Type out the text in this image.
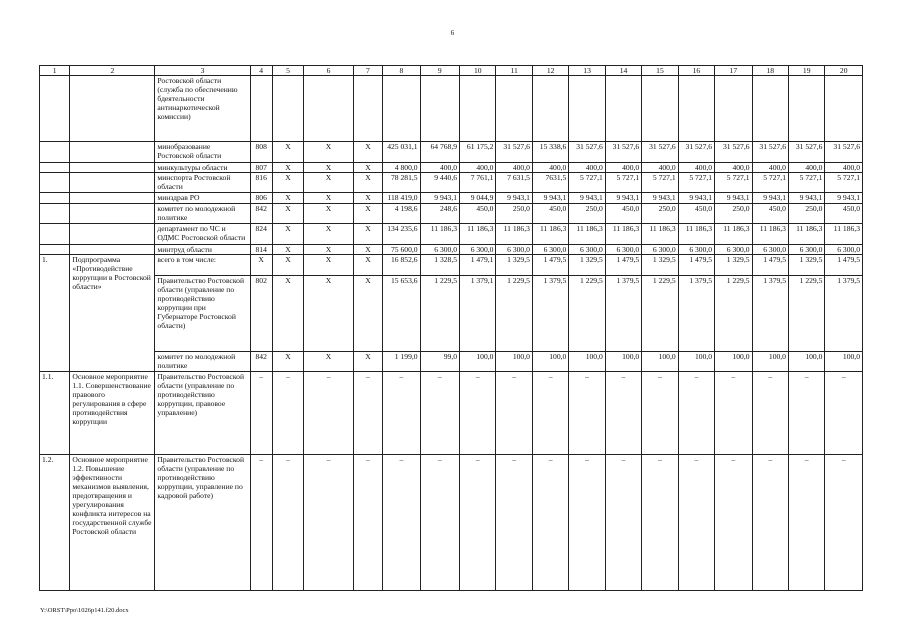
6
1	2	3	4	5	6	7	8	9	10	11	12	13	14	15	16	17	18	19	20
		Ростовской области (служба по обеспечению бдеятельности антинаркотической комиссии)																	
		минобразование Ростовской области	808	X	X	X	425 031,1	64 768,9	61 175,2	31 527,6	15 338,6	31 527,6	31 527,6	31 527,6	31 527,6	31 527,6	31 527,6	31 527,6	31 527,6
		минкультуры области	807	X	X	X	4 800,0	400,0	400,0	400,0	400,0	400,0	400,0	400,0	400,0	400,0	400,0	400,0	400,0
		минспорта Ростовской области	816	X	X	X	78 281,5	9 440,6	7 761,1	7 631,5	7631,5	5 727,1	5 727,1	5 727,1	5 727,1	5 727,1	5 727,1	5 727,1	5 727,1
		минздрав РО	806	X	X	X	118 419,0	9 943,1	9 044,9	9 943,1	9 943,1	9 943,1	9 943,1	9 943,1	9 943,1	9 943,1	9 943,1	9 943,1	9 943,1
		комитет по молодежной политике	842	X	X	X	4 198,6	248,6	450,0	250,0	450,0	250,0	450,0	250,0	450,0	250,0	450,0	250,0	450,0
		департамент по ЧС и ОДМС Ростовской области	824	X	X	X	134 235,6	11 186,3	11 186,3	11 186,3	11 186,3	11 186,3	11 186,3	11 186,3	11 186,3	11 186,3	11 186,3	11 186,3	11 186,3
		минтруд области	814	X	X	X	75 600,0	6 300,0	6 300,0	6 300,0	6 300,0	6 300,0	6 300,0	6 300,0	6 300,0	6 300,0	6 300,0	6 300,0	6 300,0
1.	Подпрограмма «Противодействие коррупции в Ростовской области»	всего в том числе:	X	X	X	X	16 852,6	1 328,5	1 479,1	1 329,5	1 479,5	1 329,5	1 479,5	1 329,5	1 479,5	1 329,5	1 479,5	1 329,5	1 479,5
		Правительство Ростовской области (управление по противодействию коррупции при Губернаторе Ростовской области)	802	X	X	X	15 653,6	1 229,5	1 379,1	1 229,5	1 379,5	1 229,5	1 379,5	1 229,5	1 379,5	1 229,5	1 379,5	1 229,5	1 379,5
		комитет по молодежной политике	842	X	X	X	1 199,0	99,0	100,0	100,0	100,0	100,0	100,0	100,0	100,0	100,0	100,0	100,0	100,0
1.1.	Основное мероприятие 1.1. Совершенствование правового регулирования в сфере противодействия коррупции	Правительство Ростовской области (управление по противодействию коррупции, правовое управление)	–	–	–	–	–	–	–	–	–	–	–	–	–	–	–	–	–
1.2.	Основное мероприятие 1.2. Повышение эффективности механизмов выявления, предотвращения и урегулирования конфликта интересов на государственной службе Ростовской области	Правительство Ростовской области (управление по противодействию коррупции, управление по кадровой работе)	–	–	–	–	–	–	–	–	–	–	–	–	–	–	–	–	–
Y:\ORST\Ppo\1026p141.f20.docx
